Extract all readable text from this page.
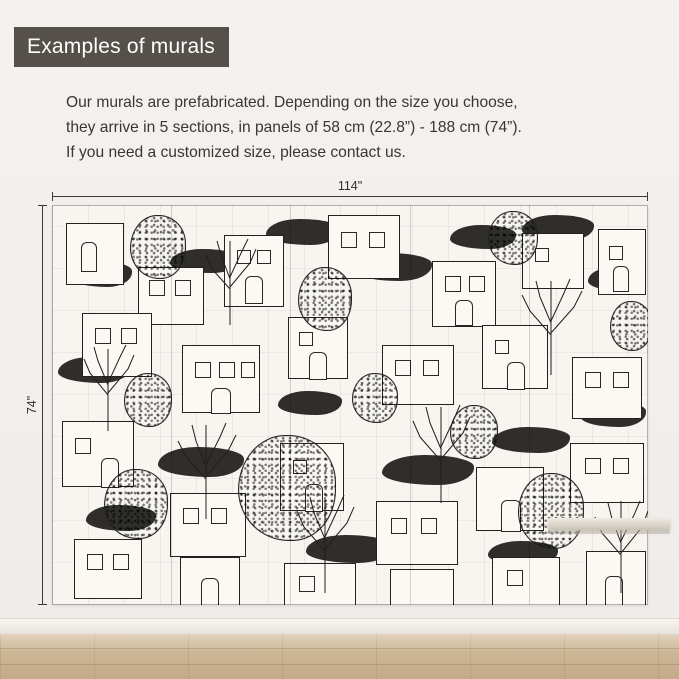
Examples of murals
Our murals are prefabricated. Depending on the size you choose,
they arrive in 5 sections, in panels of 58 cm (22.8”) - 188 cm (74”).
If you need a customized size, please contact us.
114"
74"
